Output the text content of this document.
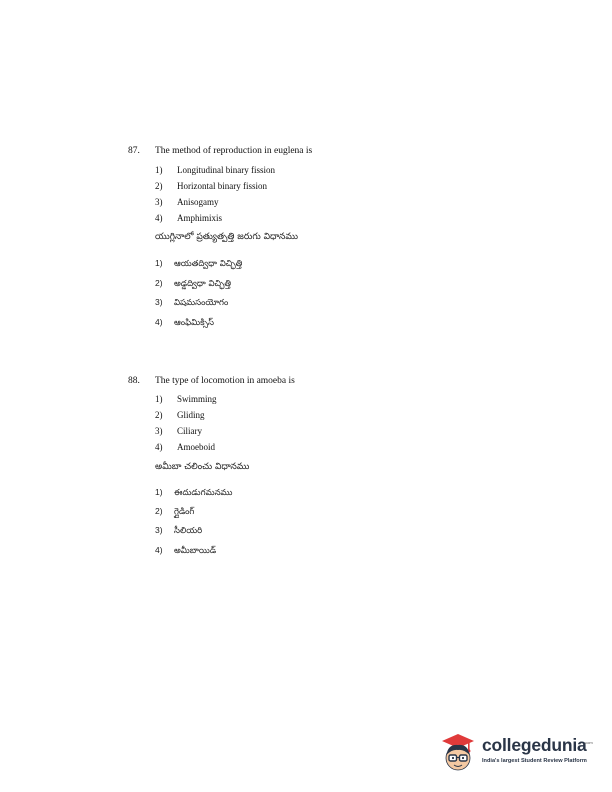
87. The method of reproduction in euglena is
1) Longitudinal binary fission
2) Horizontal binary fission
3) Anisogamy
4) Amphimixis
యుగ్లినాలో ప్రత్యుత్పత్తి జరుగు విధానము
1) ఆయతద్విధా విచ్ఛిత్తి
2) అడ్డద్విధా విచ్ఛిత్తి
3) విషమసంయోగం
4) ఆంఫిమిక్సిస్
88. The type of locomotion in amoeba is
1) Swimming
2) Gliding
3) Ciliary
4) Amoeboid
అమీబా చలించు విధానము
1) ఈదుడుగమనము
2) గ్లైడింగ్
3) సీలియరి
4) అమీబాయిడ్
collegedunia
.com
India's largest Student Review Platform
